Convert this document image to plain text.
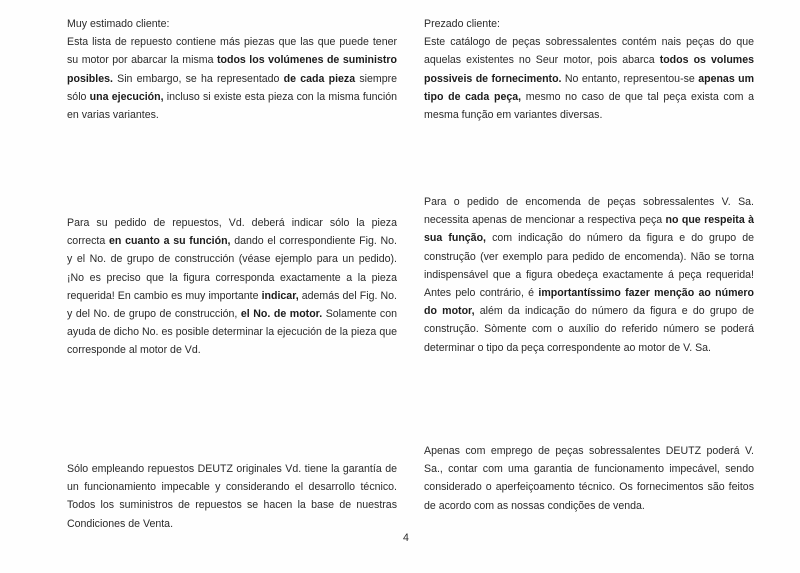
Muy estimado cliente:
Esta lista de repuesto contiene más piezas que las que puede tener su motor por abarcar la misma todos los volúmenes de suministro posibles. Sin embargo, se ha representado de cada pieza siempre sólo una ejecución, incluso si existe esta pieza con la misma función en varias variantes.

Prezado cliente:
Este catálogo de peças sobressalentes contém nais peças do que aquelas existentes no Seur motor, pois abarca todos os volumes possiveis de fornecimento. No entanto, representou-se apenas um tipo de cada peça, mesmo no caso de que tal peça exista com a mesma função em variantes diversas.

Para su pedido de repuestos, Vd. deberá indicar sólo la pieza correcta en cuanto a su función, dando el correspondiente Fig. No. y el No. de grupo de construcción (véase ejemplo para un pedido). ¡No es preciso que la figura corresponda exactamente a la pieza requerida! En cambio es muy importante indicar, además del Fig. No. y del No. de grupo de construcción, el No. de motor. Solamente con ayuda de dicho No. es posible determinar la ejecución de la pieza que corresponde al motor de Vd.

Para o pedido de encomenda de peças sobressalentes V. Sa. necessita apenas de mencionar a respectiva peça no que respeita à sua função, com indicação do número da figura e do grupo de construção (ver exemplo para pedido de encomenda). Não se torna indispensável que a figura obedeça exactamente á peça requerida! Antes pelo contrário, é importantíssimo fazer menção ao número do motor, além da indicação do número da figura e do grupo de construção. Sòmente com o auxílio do referido número se poderá determinar o tipo da peça correspondente ao motor de V. Sa.

Sólo empleando repuestos DEUTZ originales Vd. tiene la garantía de un funcionamiento impecable y considerando el desarrollo técnico. Todos los suministros de repuestos se hacen la base de nuestras Condiciones de Venta.

Apenas com emprego de peças sobressalentes DEUTZ poderá V. Sa., contar com uma garantia de funcionamento impecável, sendo considerado o aperfeiçoamento técnico. Os fornecimentos são feitos de acordo com as nossas condições de venda.

4
